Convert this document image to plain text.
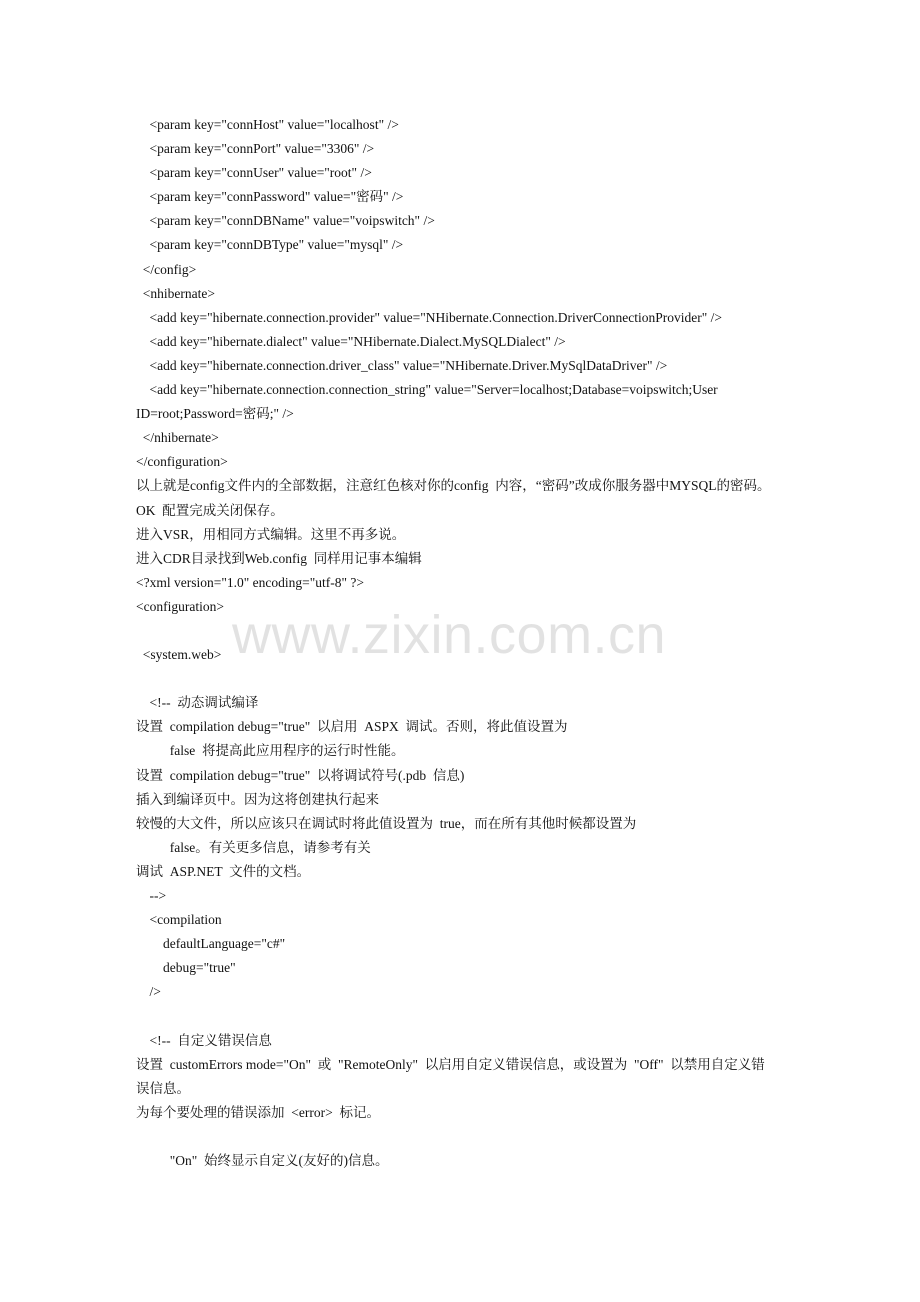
<param key="connHost" value="localhost" />
<param key="connPort" value="3306" />
<param key="connUser" value="root" />
<param key="connPassword" value="密码" />
<param key="connDBName" value="voipswitch" />
<param key="connDBType" value="mysql" />
</config>
<nhibernate>
<add key="hibernate.connection.provider" value="NHibernate.Connection.DriverConnectionProvider" />
<add key="hibernate.dialect" value="NHibernate.Dialect.MySQLDialect" />
<add key="hibernate.connection.driver_class" value="NHibernate.Driver.MySqlDataDriver" />
<add key="hibernate.connection.connection_string" value="Server=localhost;Database=voipswitch;User
ID=root;Password=密码;" />
</nhibernate>
</configuration>
以上就是config文件内的全部数据，注意红色核对你的config  内容，“密码”改成你服务器中MYSQL的密码。
OK  配置完成关闭保存。
进入VSR，用相同方式编辑。这里不再多说。
进入CDR目录找到Web.config  同样用记事本编辑
<?xml version="1.0" encoding="utf-8" ?>
<configuration>
<system.web>
<!--  动态调试编译
设置  compilation debug="true"  以启用  ASPX  调试。否则，将此值设置为
false  将提高此应用程序的运行时性能。
设置  compilation debug="true"  以将调试符号(.pdb  信息)
插入到编译页中。因为这将创建执行起来
较慢的大文件，所以应该只在调试时将此值设置为  true，而在所有其他时候都设置为
false。有关更多信息，请参考有关
调试  ASP.NET  文件的文档。
-->
<compilation
defaultLanguage="c#"
debug="true"
/>
<!--  自定义错误信息
设置  customErrors mode="On"  或  "RemoteOnly"  以启用自定义错误信息，或设置为  "Off"  以禁用自定义错
误信息。
为每个要处理的错误添加  <error>  标记。
"On"  始终显示自定义(友好的)信息。
www.zixin.com.cn
